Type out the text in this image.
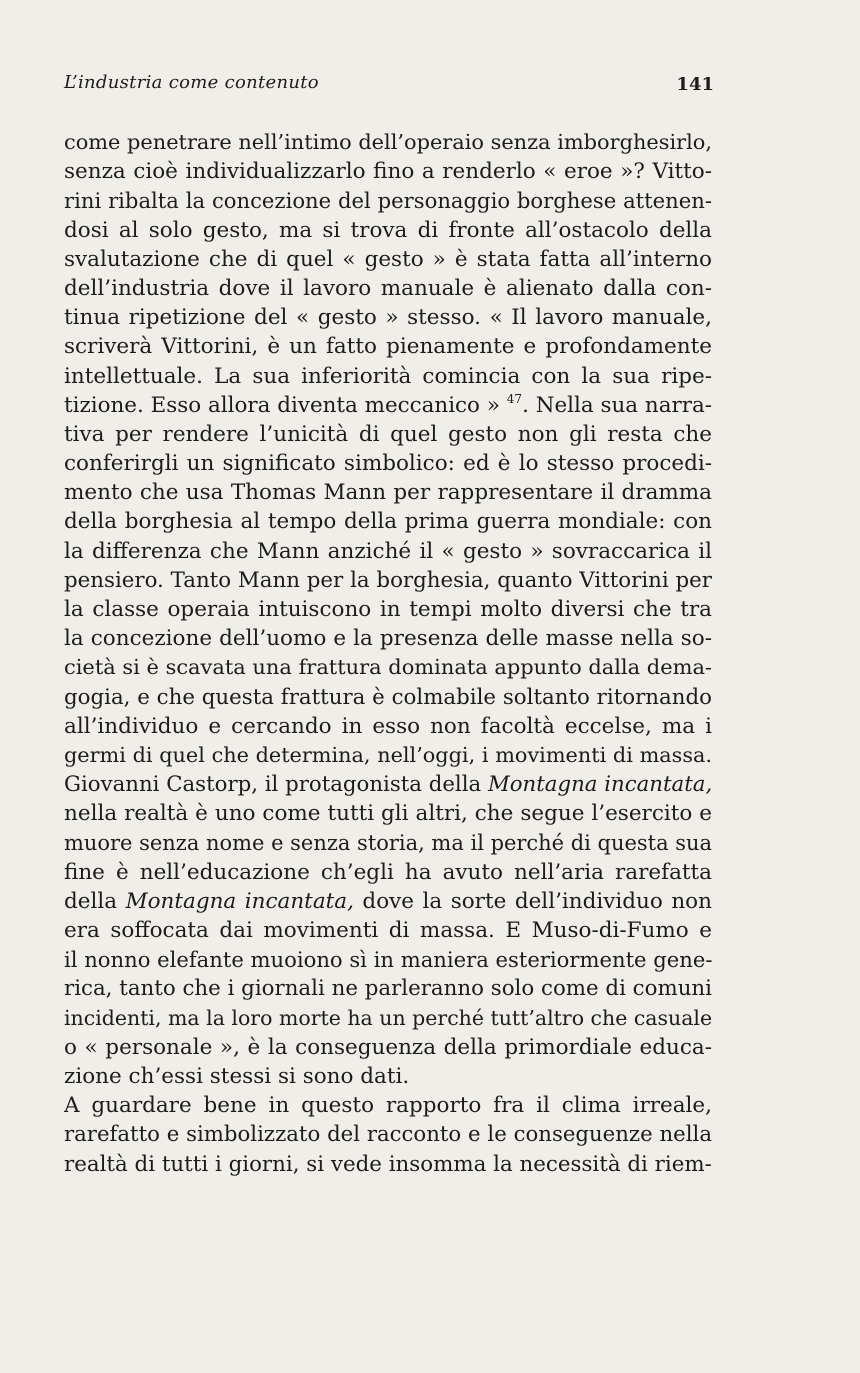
L’industria come contenuto	141
come penetrare nell’intimo dell’operaio senza imborghesirlo,
senza cioè individualizzarlo fino a renderlo « eroe »? Vitto-
rini ribalta la concezione del personaggio borghese attenen-
dosi al solo gesto, ma si trova di fronte all’ostacolo della
svalutazione che di quel « gesto » è stata fatta all’interno
dell’industria dove il lavoro manuale è alienato dalla con-
tinua ripetizione del « gesto » stesso. « Il lavoro manuale,
scriverà Vittorini, è un fatto pienamente e profondamente
intellettuale. La sua inferiorità comincia con la sua ripe-
tizione. Esso allora diventa meccanico » $^{47}$. Nella sua narra-
tiva per rendere l’unicità di quel gesto non gli resta che
conferirgli un significato simbolico: ed è lo stesso procedi-
mento che usa Thomas Mann per rappresentare il dramma
della borghesia al tempo della prima guerra mondiale: con
la differenza che Mann anziché il « gesto » sovraccarica il
pensiero. Tanto Mann per la borghesia, quanto Vittorini per
la classe operaia intuiscono in tempi molto diversi che tra
la concezione dell’uomo e la presenza delle masse nella so-
cietà si è scavata una frattura dominata appunto dalla dema-
gogia, e che questa frattura è colmabile soltanto ritornando
all’individuo e cercando in esso non facoltà eccelse, ma i
germi di quel che determina, nell’oggi, i movimenti di massa.
Giovanni Castorp, il protagonista della Montagna incantata,
nella realtà è uno come tutti gli altri, che segue l’esercito e
muore senza nome e senza storia, ma il perché di questa sua
fine è nell’educazione ch’egli ha avuto nell’aria rarefatta
della Montagna incantata, dove la sorte dell’individuo non
era soffocata dai movimenti di massa. E Muso-di-Fumo e
il nonno elefante muoiono sì in maniera esteriormente gene-
rica, tanto che i giornali ne parleranno solo come di comuni
incidenti, ma la loro morte ha un perché tutt’altro che casuale
o « personale », è la conseguenza della primordiale educa-
zione ch’essi stessi si sono dati.
A guardare bene in questo rapporto fra il clima irreale,
rarefatto e simbolizzato del racconto e le conseguenze nella
realtà di tutti i giorni, si vede insomma la necessità di riem-
